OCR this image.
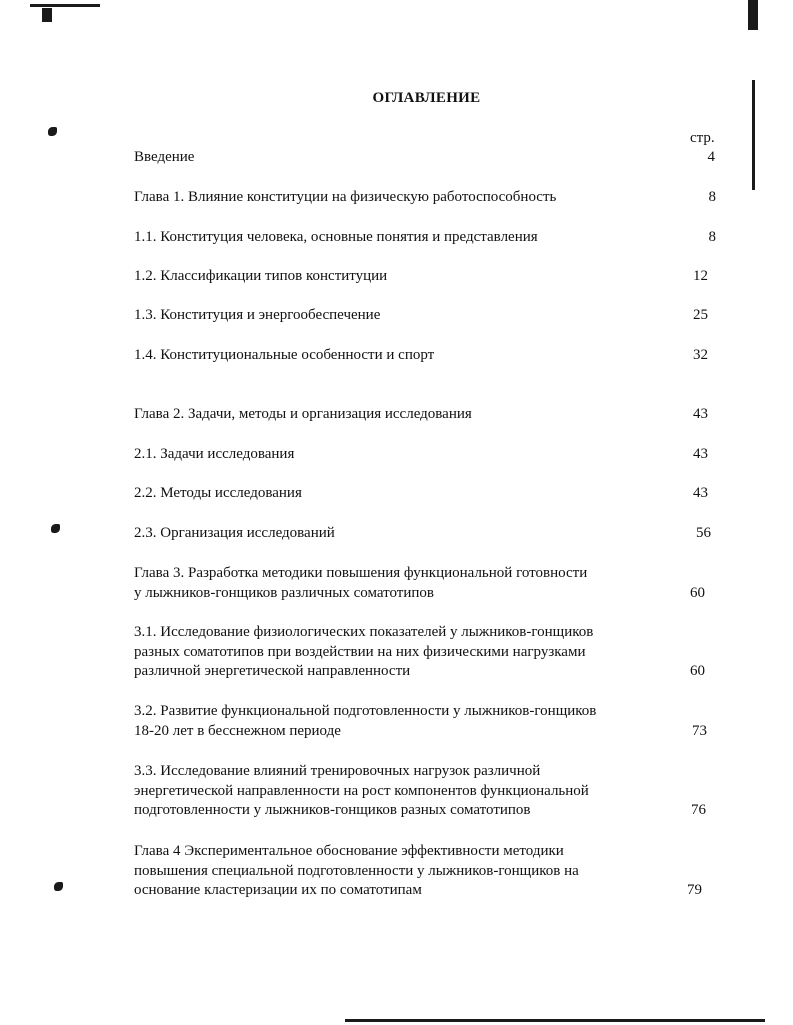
ОГЛАВЛЕНИЕ
стр.
Введение	4
Глава 1. Влияние конституции на физическую работоспособность	8
1.1. Конституция человека, основные понятия и представления	8
1.2. Классификации типов конституции	12
1.3. Конституция и энергообеспечение	25
1.4. Конституциональные особенности и спорт	32
Глава 2. Задачи, методы и организация исследования	43
2.1. Задачи исследования	43
2.2. Методы исследования	43
2.3. Организация исследований	56
Глава 3. Разработка методики повышения функциональной готовности
у лыжников-гонщиков различных соматотипов	60
3.1. Исследование физиологических показателей у лыжников-гонщиков
разных соматотипов при воздействии на них физическими нагрузками
различной энергетической направленности	60
3.2. Развитие функциональной подготовленности у лыжников-гонщиков
18-20 лет в бесснежном периоде	73
3.3. Исследование влияний тренировочных нагрузок различной
энергетической направленности на рост компонентов функциональной
подготовленности у лыжников-гонщиков разных соматотипов	76
Глава 4 Экспериментальное обоснование эффективности методики
повышения специальной подготовленности у лыжников-гонщиков на
основание кластеризации их по соматотипам	79
